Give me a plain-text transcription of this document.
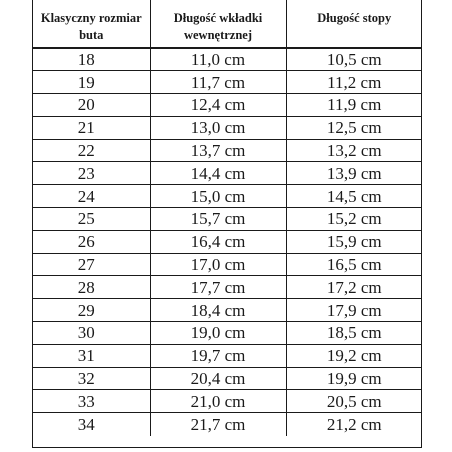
Klasyczny rozmiar buta	Długość wkładki wewnętrznej	Długość stopy
18	11,0 cm	10,5 cm
19	11,7 cm	11,2 cm
20	12,4 cm	11,9 cm
21	13,0 cm	12,5 cm
22	13,7 cm	13,2 cm
23	14,4 cm	13,9 cm
24	15,0 cm	14,5 cm
25	15,7 cm	15,2 cm
26	16,4 cm	15,9 cm
27	17,0 cm	16,5 cm
28	17,7 cm	17,2 cm
29	18,4 cm	17,9 cm
30	19,0 cm	18,5 cm
31	19,7 cm	19,2 cm
32	20,4 cm	19,9 cm
33	21,0 cm	20,5 cm
34	21,7 cm	21,2 cm
